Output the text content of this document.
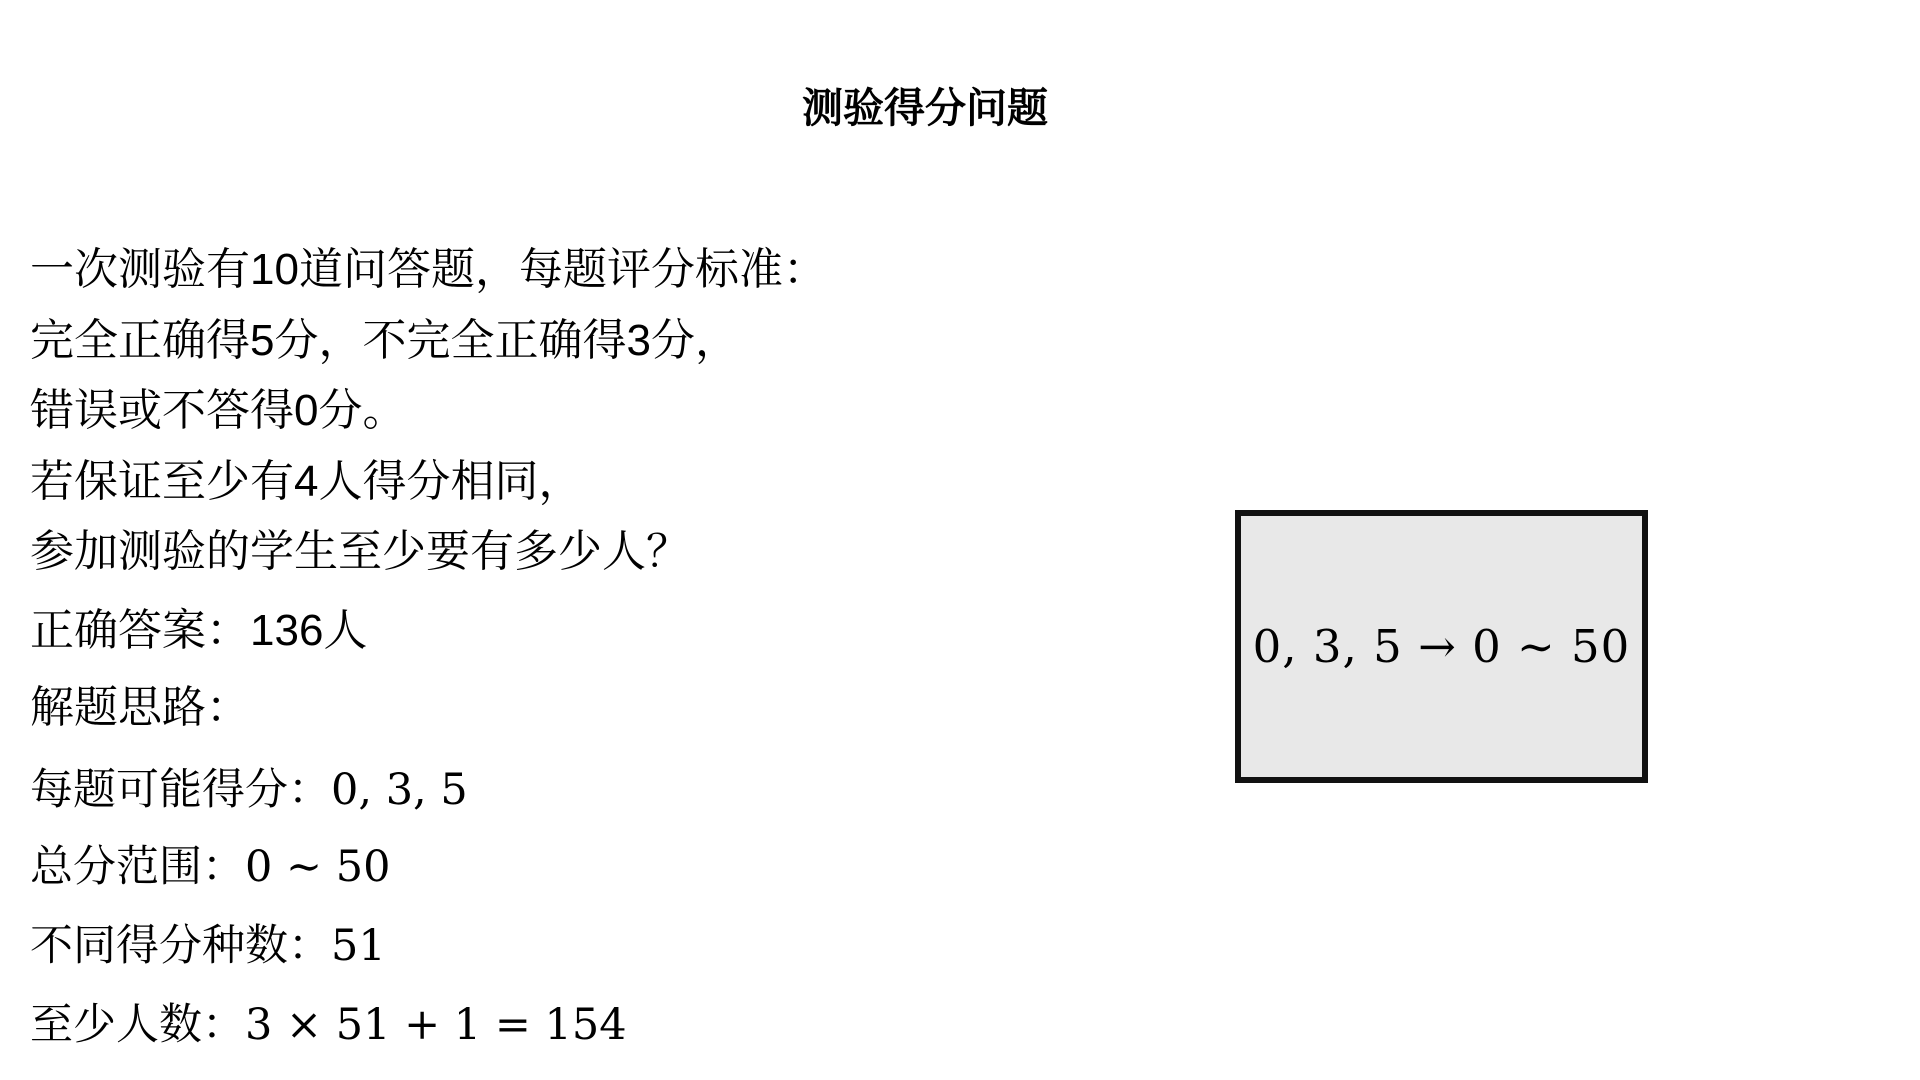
测验得分问题
一次测验有10道问答题，每题评分标准：
完全正确得5分，不完全正确得3分，
错误或不答得0分。
若保证至少有4人得分相同，
参加测验的学生至少要有多少人？
正确答案：136人
解题思路：
每题可能得分：0, 3, 5
总分范围：0 ∼ 50
不同得分种数：51
至少人数：3 × 51 + 1 = 154
0, 3, 5 → 0 ∼ 50
